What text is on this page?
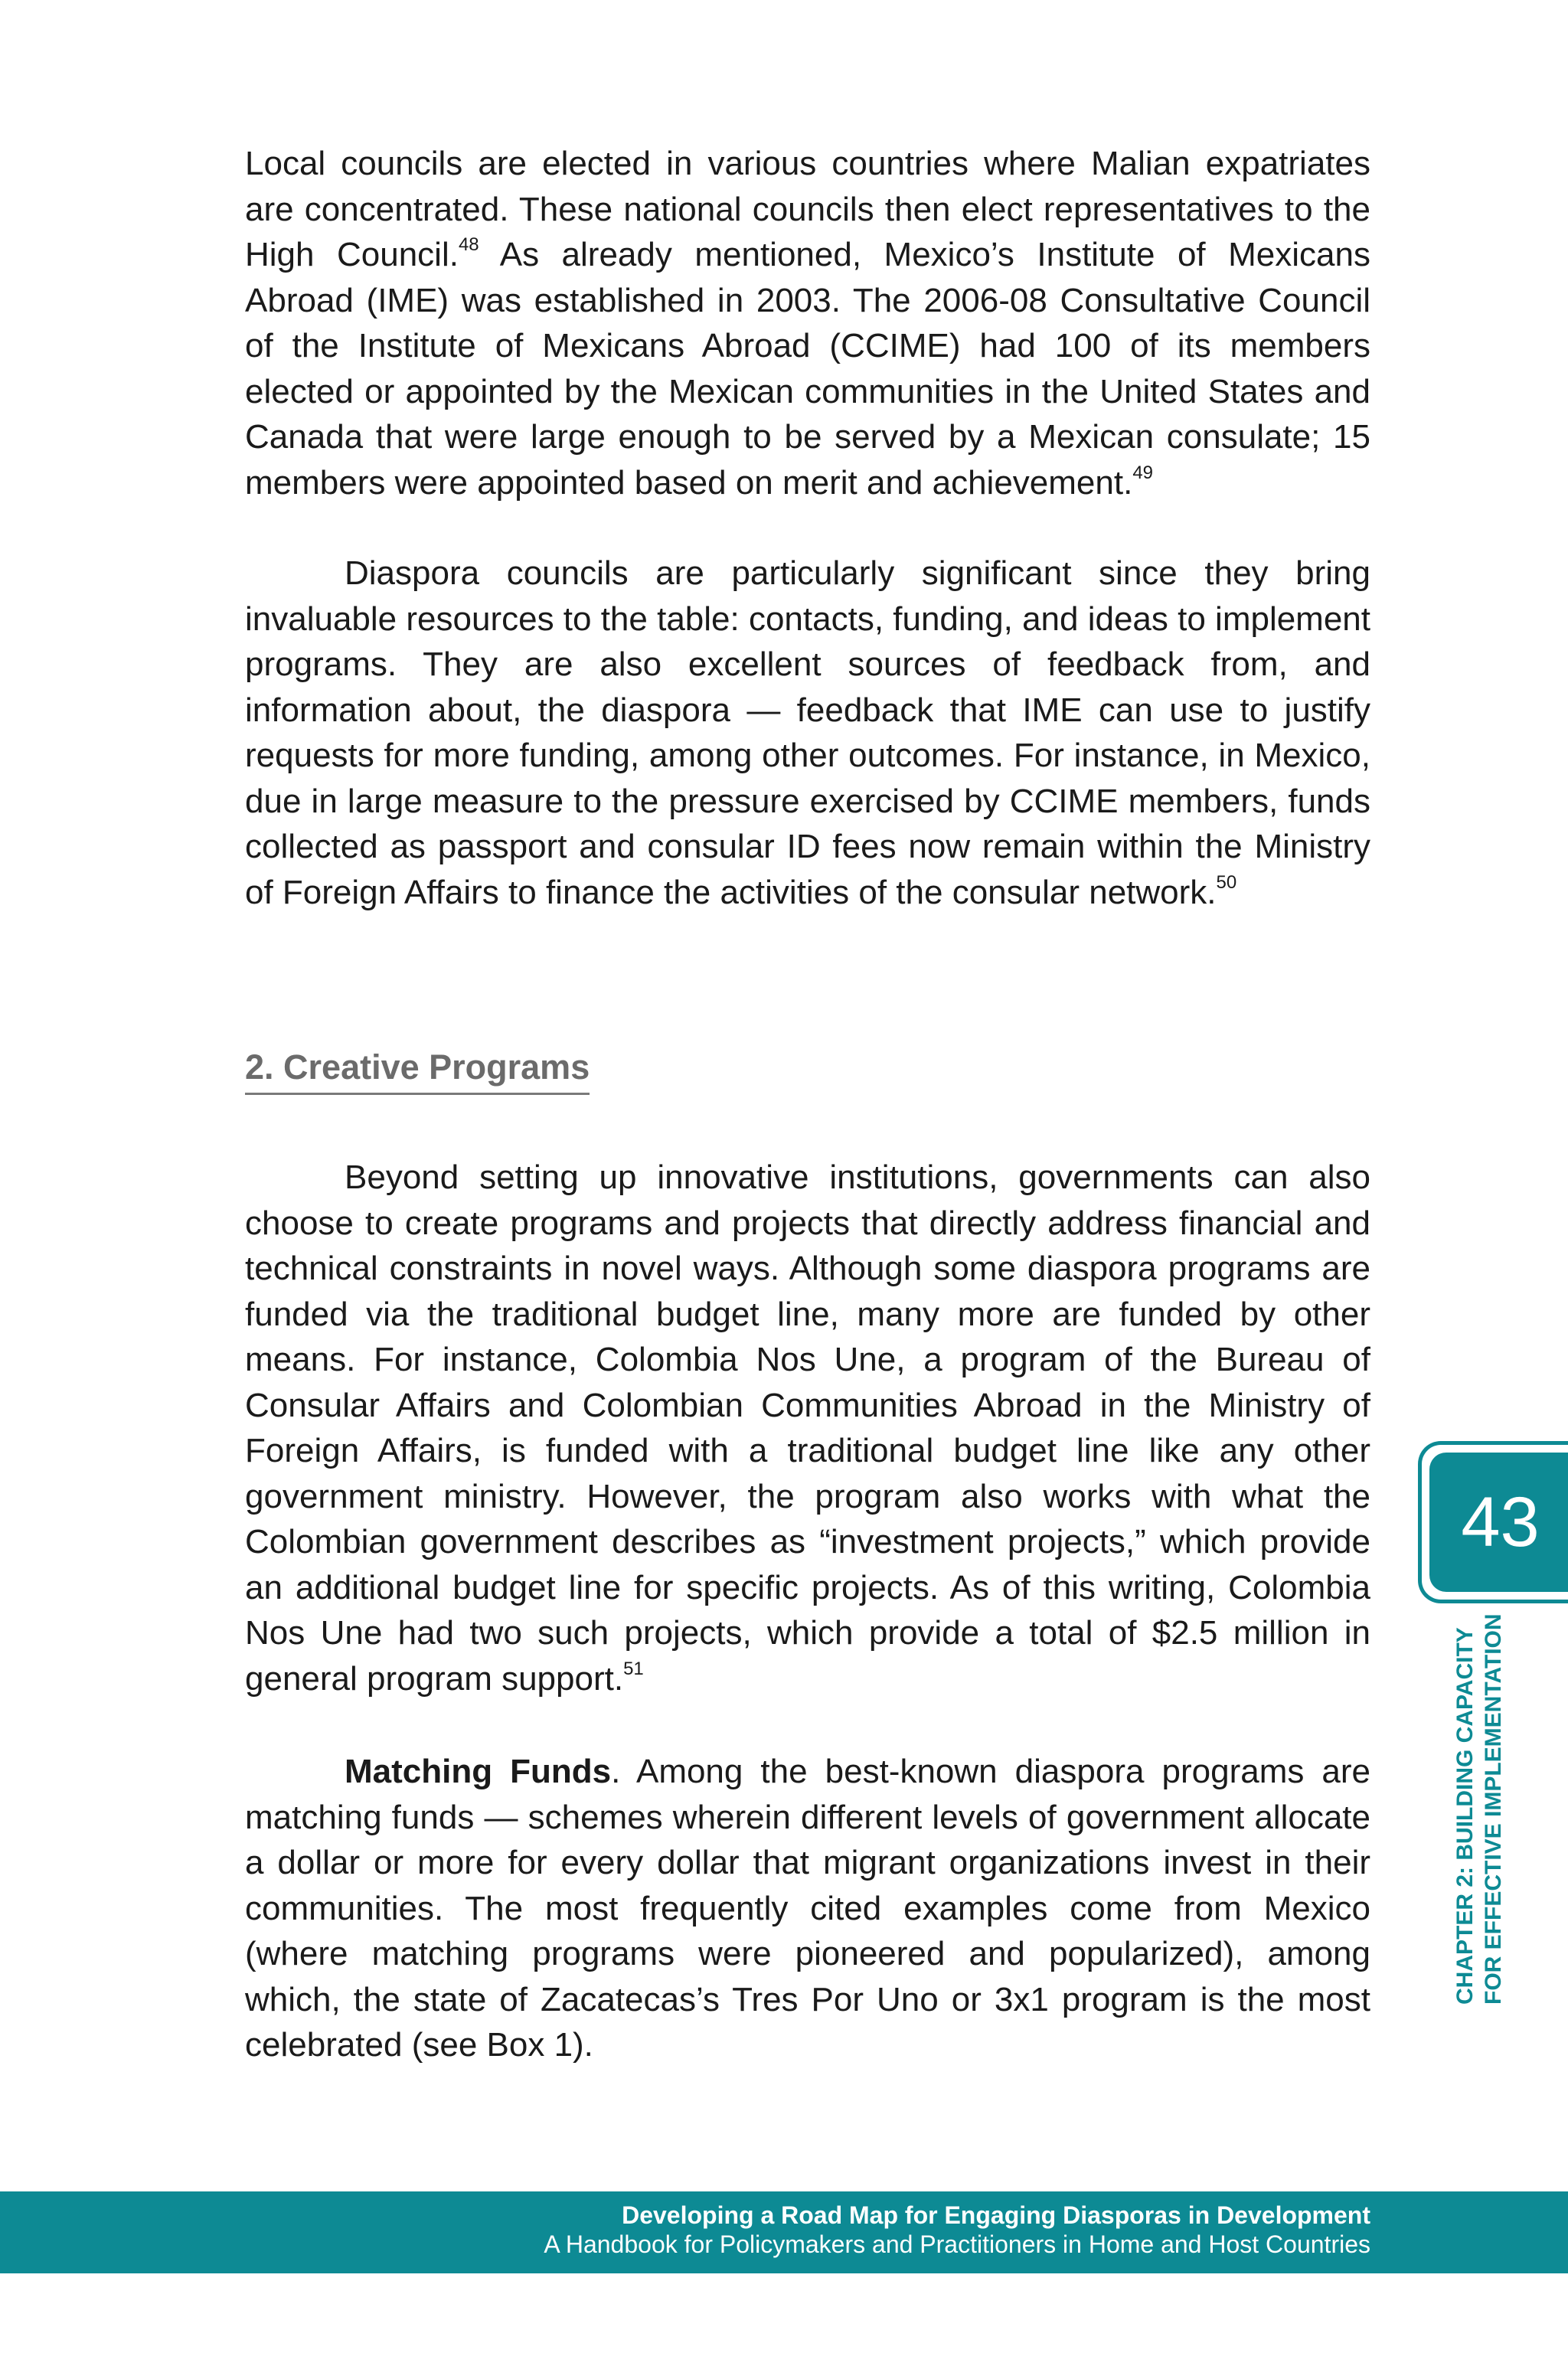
Local councils are elected in various countries where Malian expatriates are concentrated. These national councils then elect representatives to the High Council.$^{48}$ As already mentioned, Mexico’s Institute of Mexicans Abroad (IME) was established in 2003. The 2006-08 Consultative Council of the Institute of Mexicans Abroad (CCIME) had 100 of its members elected or appointed by the Mexican communities in the United States and Canada that were large enough to be served by a Mexican consulate; 15 members were appointed based on merit and achievement.$^{49}$

Diaspora councils are particularly significant since they bring invaluable resources to the table: contacts, funding, and ideas to implement programs. They are also excellent sources of feedback from, and information about, the diaspora — feedback that IME can use to justify requests for more funding, among other outcomes. For instance, in Mexico, due in large measure to the pressure exercised by CCIME members, funds collected as passport and consular ID fees now remain within the Ministry of Foreign Affairs to finance the activities of the consular network.$^{50}$

2. Creative Programs

Beyond setting up innovative institutions, governments can also choose to create programs and projects that directly address financial and technical constraints in novel ways. Although some diaspora programs are funded via the traditional budget line, many more are funded by other means. For instance, Colombia Nos Une, a program of the Bureau of Consular Affairs and Colombian Communities Abroad in the Ministry of Foreign Affairs, is funded with a traditional budget line like any other government ministry. However, the program also works with what the Colombian government describes as “investment projects,” which provide an additional budget line for specific projects. As of this writing, Colombia Nos Une had two such projects, which provide a total of $2.5 million in general program support.$^{51}$

Matching Funds. Among the best-known diaspora programs are matching funds — schemes wherein different levels of government allocate a dollar or more for every dollar that migrant organizations invest in their communities. The most frequently cited examples come from Mexico (where matching programs were pioneered and popularized), among which, the state of Zacatecas’s Tres Por Uno or 3x1 program is the most celebrated (see Box 1).

43
CHAPTER 2: BUILDING CAPACITY FOR EFFECTIVE IMPLEMENTATION
Developing a Road Map for Engaging Diasporas in Development
A Handbook for Policymakers and Practitioners in Home and Host Countries
